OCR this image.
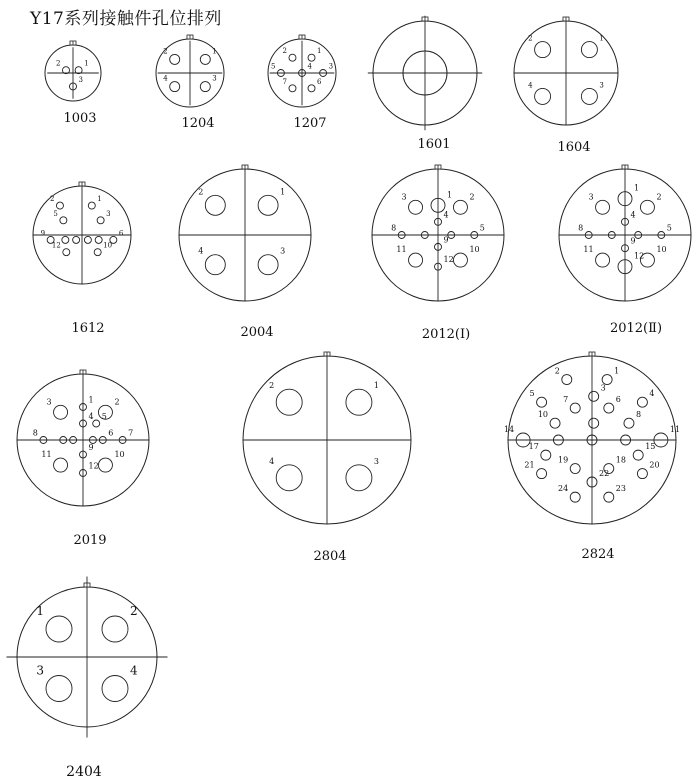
Y17系列接触件孔位排列
1
2
3
1003
1
2
3
4
1204
1
2
3
4
5
6
7
1207
1601
1
2
3
4
1604
1
2
3
5
6
9
10
12
1612
1
2
3
4
2004
1 2
3
4
5
8
9
10
11
12
2012(Ⅰ)
1
2
3
4
5
8
9
10
11
12
2012(Ⅱ)
1	2
3
4 5
6 7
8
9
10
11
12
2019
1
2
3
4
2804
1
2
3
4
5
6
7
8
10
11
14
15
17
18
19
20
21
22
23
24
2824
1	2
3	4
2404
